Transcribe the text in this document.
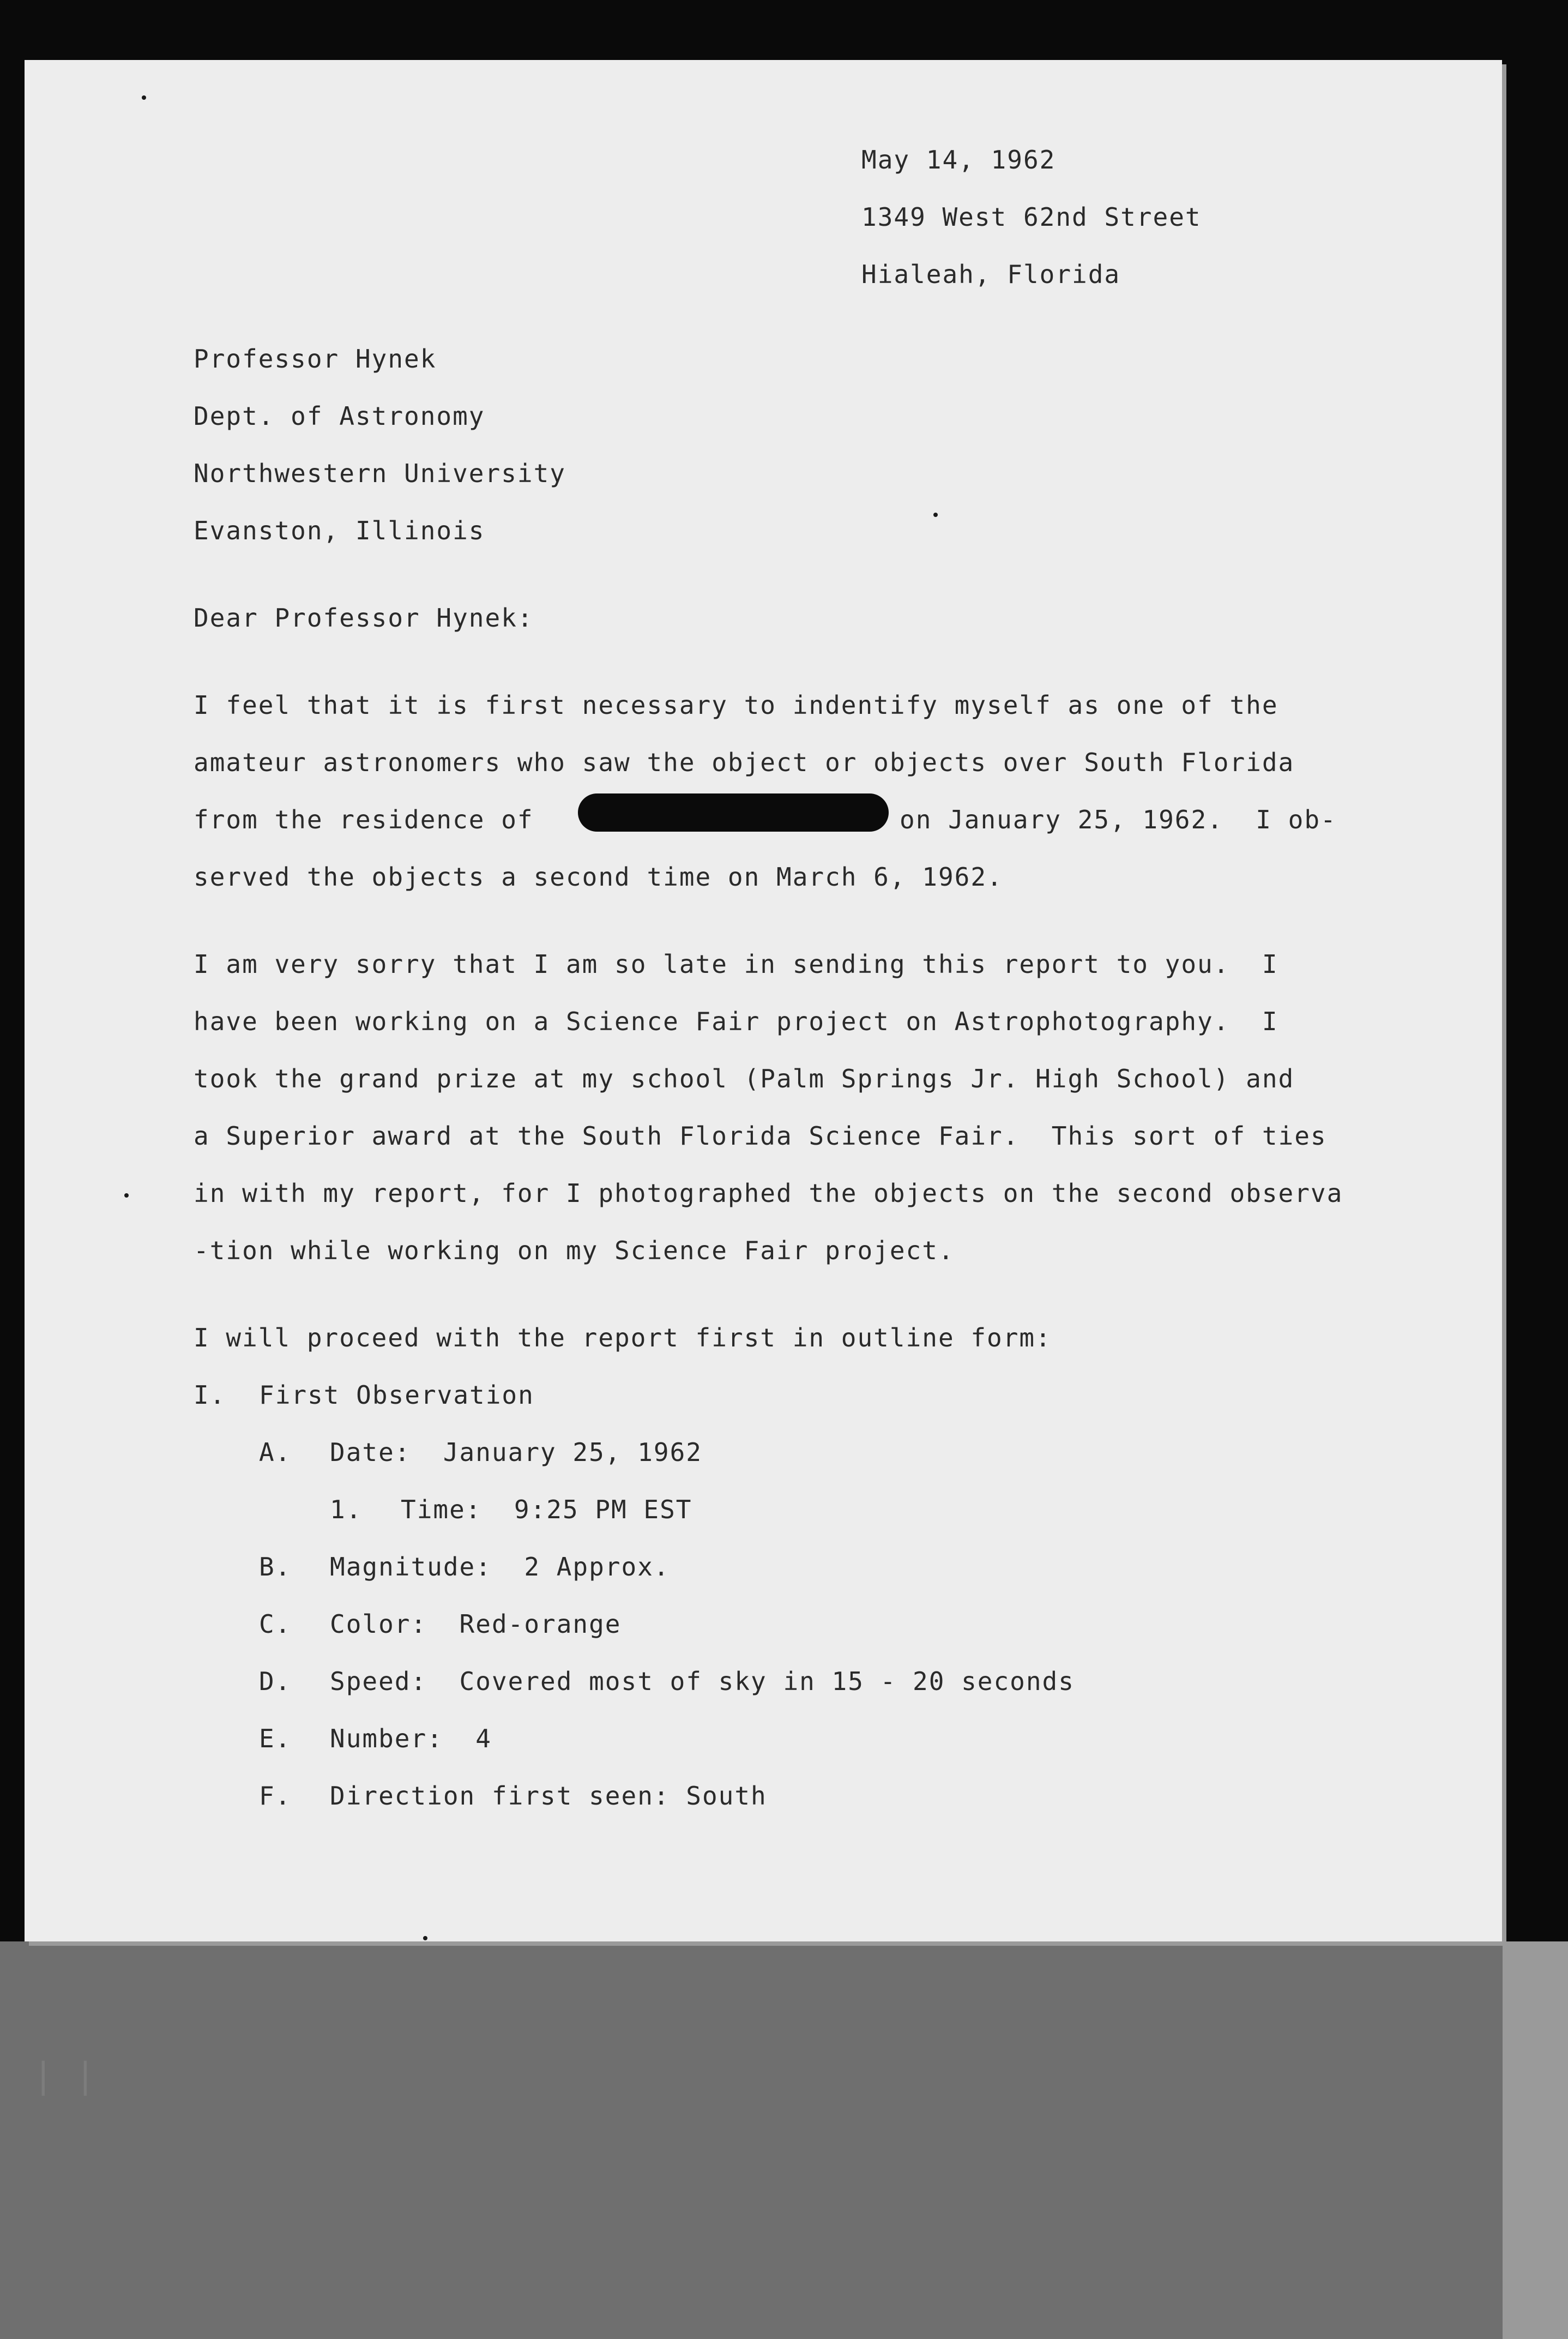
| |
May 14, 1962
1349 West 62nd Street
Hialeah, Florida
Professor Hynek
Dept. of Astronomy
Northwestern University
Evanston, Illinois
Dear Professor Hynek:
I feel that it is first necessary to indentify myself as one of the
amateur astronomers who saw the object or objects over South Florida
from the residence of	on January 25, 1962.  I ob-
served the objects a second time on March 6, 1962.
I am very sorry that I am so late in sending this report to you.  I
have been working on a Science Fair project on Astrophotography.  I
took the grand prize at my school (Palm Springs Jr. High School) and
a Superior award at the South Florida Science Fair.  This sort of ties
in with my report, for I photographed the objects on the second observa
-tion while working on my Science Fair project.
I will proceed with the report first in outline form:
I. First Observation
A. Date:  January 25, 1962
1. Time:  9:25 PM EST
B. Magnitude:  2 Approx.
C. Color:  Red-orange
D. Speed:  Covered most of sky in 15 - 20 seconds
E. Number:  4
F. Direction first seen: South
